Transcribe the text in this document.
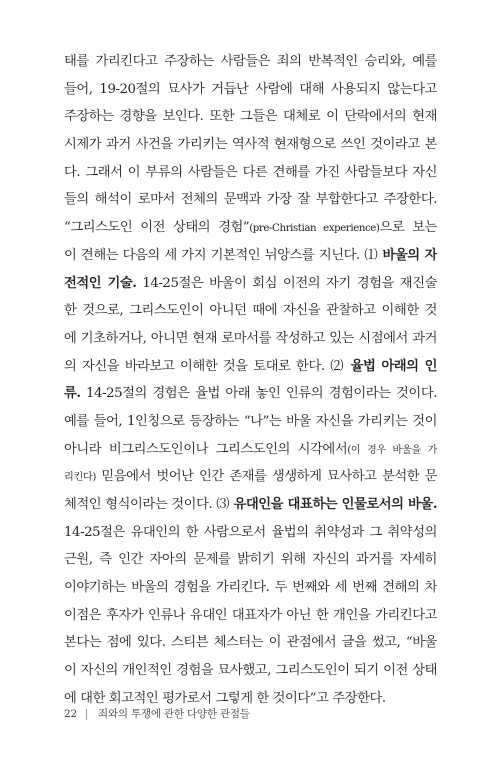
태를 가리킨다고 주장하는 사람들은 죄의 반복적인 승리와, 예를
들어, 19-20절의 묘사가 거듭난 사람에 대해 사용되지 않는다고
주장하는 경향을 보인다. 또한 그들은 대체로 이 단락에서의 현재
시제가 과거 사건을 가리키는 역사적 현재형으로 쓰인 것이라고 본
다. 그래서 이 부류의 사람들은 다른 견해를 가진 사람들보다 자신
들의 해석이 로마서 전체의 문맥과 가장 잘 부합한다고 주장한다.
“그리스도인 이전 상태의 경험”(pre-Christian experience)으로 보는
이 견해는 다음의 세 가지 기본적인 뉘앙스를 지닌다. ⑴ 바울의 자
전적인 기술. 14-25절은 바울이 회심 이전의 자기 경험을 재진술
한 것으로, 그리스도인이 아니던 때에 자신을 관찰하고 이해한 것
에 기초하거나, 아니면 현재 로마서를 작성하고 있는 시점에서 과거
의 자신을 바라보고 이해한 것을 토대로 한다. ⑵ 율법 아래의 인
류. 14-25절의 경험은 율법 아래 놓인 인류의 경험이라는 것이다.
예를 들어, 1인칭으로 등장하는 “나”는 바울 자신을 가리키는 것이
아니라 비그리스도인이나 그리스도인의 시각에서(이 경우 바울을 가
리킨다) 믿음에서 벗어난 인간 존재를 생생하게 묘사하고 분석한 문
체적인 형식이라는 것이다. ⑶ 유대인을 대표하는 인물로서의 바울.
14-25절은 유대인의 한 사람으로서 율법의 취약성과 그 취약성의
근원, 즉 인간 자아의 문제를 밝히기 위해 자신의 과거를 자세히
이야기하는 바울의 경험을 가리킨다. 두 번째와 세 번째 견해의 차
이점은 후자가 인류나 유대인 대표자가 아닌 한 개인을 가리킨다고
본다는 점에 있다. 스티븐 체스터는 이 관점에서 글을 썼고, “바울
이 자신의 개인적인 경험을 묘사했고, 그리스도인이 되기 이전 상태
에 대한 회고적인 평가로서 그렇게 한 것이다”고 주장한다.
22 죄와의 투쟁에 관한 다양한 관점들
